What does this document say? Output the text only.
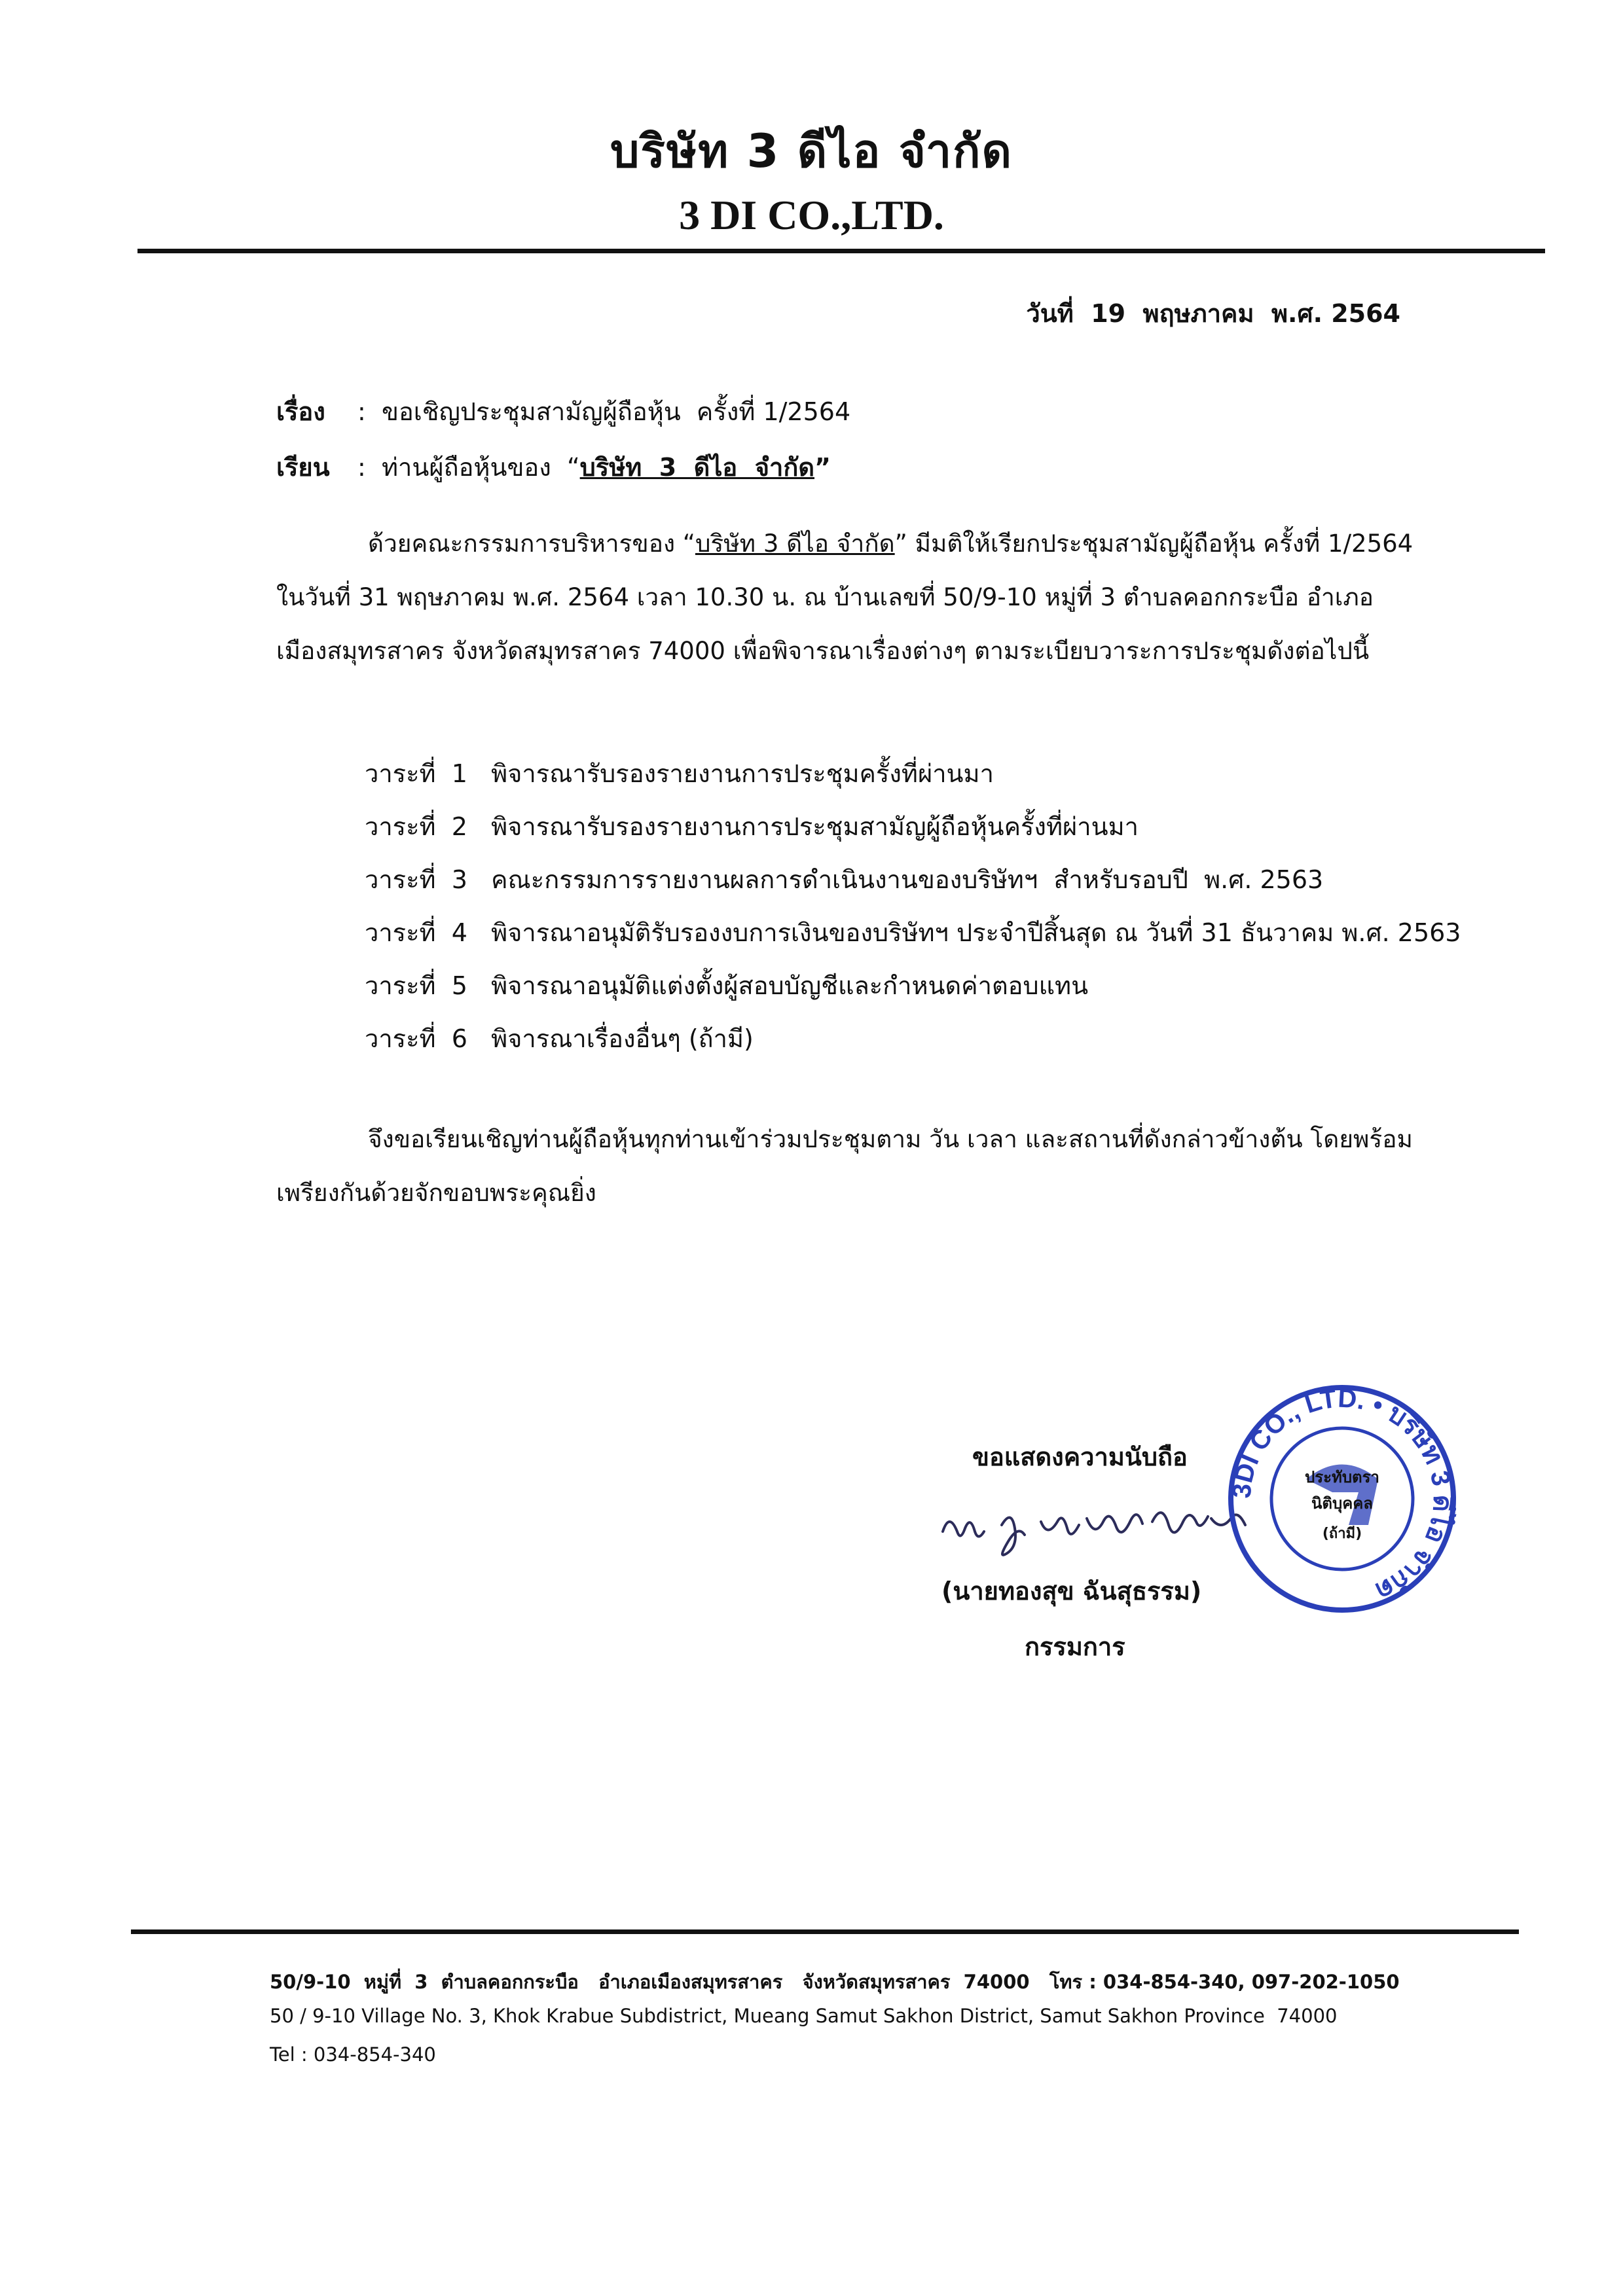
บริษัท 3 ดีไอ จำกัด
3 DI CO.,LTD.
วันที่  19  พฤษภาคม  พ.ศ. 2564
เรื่อง :  ขอเชิญประชุมสามัญผู้ถือหุ้น  ครั้งที่ 1/2564
เรียน :  ท่านผู้ถือหุ้นของ  “บริษัท  3  ดีไอ  จำกัด”
ด้วยคณะกรรมการบริหารของ “บริษัท 3 ดีไอ จำกัด” มีมติให้เรียกประชุมสามัญผู้ถือหุ้น ครั้งที่ 1/2564 ในวันที่ 31 พฤษภาคม พ.ศ. 2564 เวลา 10.30 น. ณ บ้านเลขที่ 50/9-10 หมู่ที่ 3 ตำบลคอกกระบือ อำเภอเมืองสมุทรสาคร จังหวัดสมุทรสาคร 74000 เพื่อพิจารณาเรื่องต่างๆ ตามระเบียบวาระการประชุมดังต่อไปนี้
วาระที่  1   พิจารณารับรองรายงานการประชุมครั้งที่ผ่านมา
วาระที่  2   พิจารณารับรองรายงานการประชุมสามัญผู้ถือหุ้นครั้งที่ผ่านมา
วาระที่  3   คณะกรรมการรายงานผลการดำเนินงานของบริษัทฯ  สำหรับรอบปี  พ.ศ. 2563
วาระที่  4   พิจารณาอนุมัติรับรองงบการเงินของบริษัทฯ ประจำปีสิ้นสุด ณ วันที่ 31 ธันวาคม พ.ศ. 2563
วาระที่  5   พิจารณาอนุมัติแต่งตั้งผู้สอบบัญชีและกำหนดค่าตอบแทน
วาระที่  6   พิจารณาเรื่องอื่นๆ (ถ้ามี)
จึงขอเรียนเชิญท่านผู้ถือหุ้นทุกท่านเข้าร่วมประชุมตาม วัน เวลา และสถานที่ดังกล่าวข้างต้น โดยพร้อมเพรียงกันด้วยจักขอบพระคุณยิ่ง
ขอแสดงความนับถือ
(นายทองสุข ฉันสุธรรม)
กรรมการ
3DI CO., LTD. • บริษัท 3 ดีไอ จำกัด
ประทับตรา
นิติบุคคล
(ถ้ามี)
50/9-10  หมู่ที่  3  ตำบลคอกกระบือ   อำเภอเมืองสมุทรสาคร   จังหวัดสมุทรสาคร  74000   โทร : 034-854-340, 097-202-1050
50 / 9-10 Village No. 3, Khok Krabue Subdistrict, Mueang Samut Sakhon District, Samut Sakhon Province  74000
Tel : 034-854-340
